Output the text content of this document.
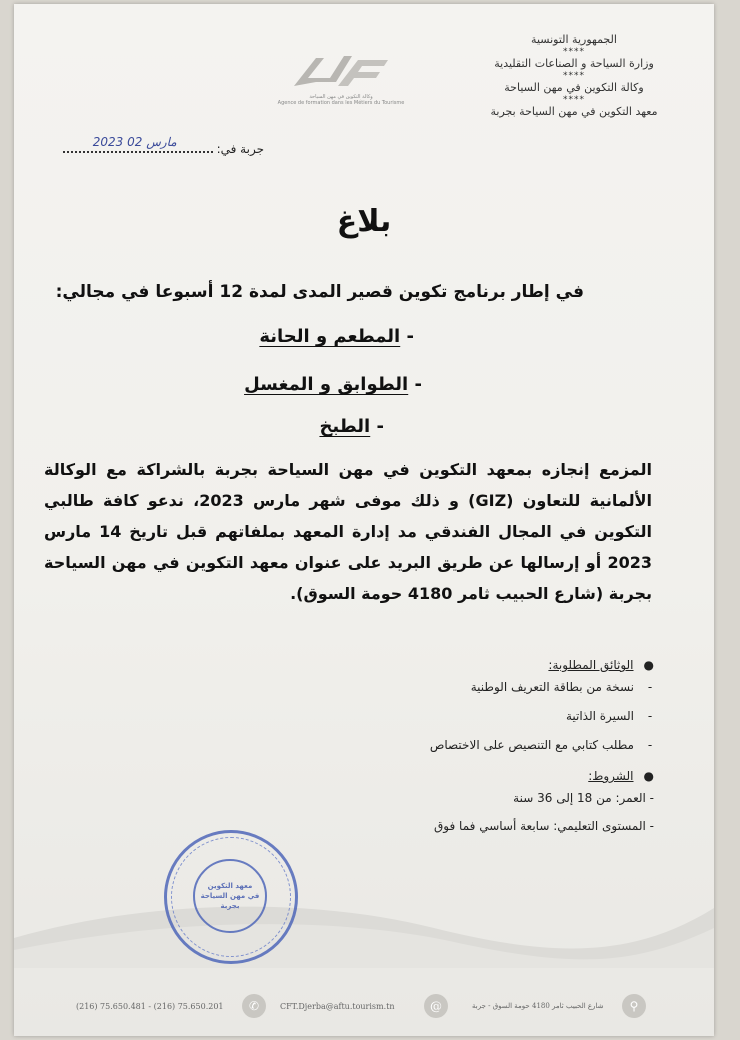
الجمهورية التونسية
****
وزارة السياحة و الصناعات التقليدية
****
وكالة التكوين في مهن السياحة
****
معهد التكوين في مهن السياحة بجربة
وكالة التكوين في مهن السياحة
Agence de formation dans les Métiers du Tourisme
جربة في:
2023 ﻣﺎﺭﺱ 02
بلاغ
في إطار برنامج تكوين قصير المدى لمدة 12 أسبوعا في مجالي:
- المطعم و الحانة
- الطوابق و المغسل
- الطبخ
المزمع إنجازه بمعهد التكوين في مهن السياحة بجربة بالشراكة مع الوكالة الألمانية للتعاون (GIZ) و ذلك موفى شهر مارس 2023، ندعو كافة طالبي التكوين في المجال الفندقي مد إدارة المعهد بملفاتهم قبل تاريخ 14 مارس 2023 أو إرسالها عن طريق البريد على عنوان معهد التكوين في مهن السياحة بجربة (شارع الحبيب ثامر 4180 حومة السوق).
●
الوثائق المطلوبة:
-
نسخة من بطاقة التعريف الوطنية
-
السيرة الذاتية
-
مطلب كتابي مع التنصيص على الاختصاص
●
الشروط:
- العمر: من 18 إلى 36 سنة
- المستوى التعليمي: سابعة أساسي فما فوق
معهد التكوين
في مهن السياحة
بجربة
(216) 75.650.481 - (216) 75.650.201	✆	CFT.Djerba@aftu.tourism.tn	@	شارع الحبيب ثامر 4180 حومة السوق - جربة	⚲
